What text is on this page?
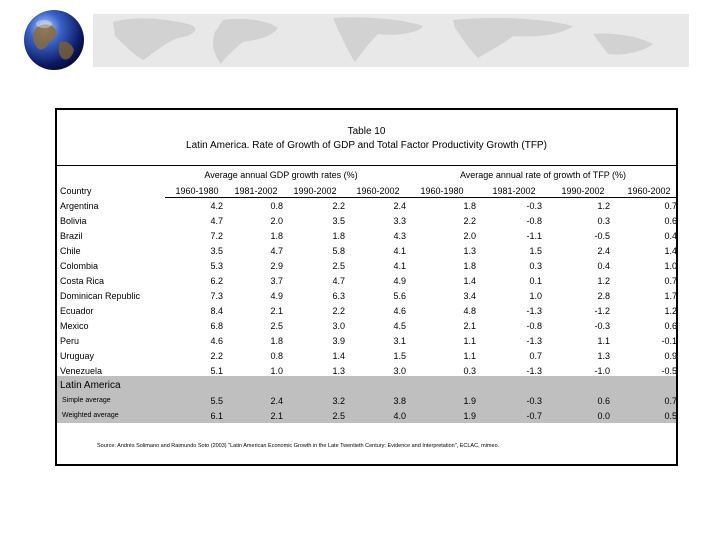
Table 10
Latin America. Rate of Growth of GDP and Total Factor Productivity Growth (TFP)
Average annual GDP growth rates (%)	Average annual rate of growth of TFP (%)
Country	1960-1980	1981-2002	1990-2002	1960-2002	1960-1980	1981-2002	1990-2002	1960-2002
Argentina	4.2	0.8	2.2	2.4	1.8	-0.3	1.2	0.7
Bolivia	4.7	2.0	3.5	3.3	2.2	-0.8	0.3	0.6
Brazil	7.2	1.8	1.8	4.3	2.0	-1.1	-0.5	0.4
Chile	3.5	4.7	5.8	4.1	1.3	1.5	2.4	1.4
Colombia	5.3	2.9	2.5	4.1	1.8	0.3	0.4	1.0
Costa Rica	6.2	3.7	4.7	4.9	1.4	0.1	1.2	0.7
Dominican Republic	7.3	4.9	6.3	5.6	3.4	1.0	2.8	1.7
Ecuador	8.4	2.1	2.2	4.6	4.8	-1.3	-1.2	1.2
Mexico	6.8	2.5	3.0	4.5	2.1	-0.8	-0.3	0.6
Peru	4.6	1.8	3.9	3.1	1.1	-1.3	1.1	-0.1
Uruguay	2.2	0.8	1.4	1.5	1.1	0.7	1.3	0.9
Venezuela	5.1	1.0	1.3	3.0	0.3	-1.3	-1.0	-0.5
Latin America
Simple average	5.5	2.4	3.2	3.8	1.9	-0.3	0.6	0.7
Weighted average	6.1	2.1	2.5	4.0	1.9	-0.7	0.0	0.5
Source: Andrés Solimano and Raimundo Soto (2003) "Latin American Economic Growth in the Late Twentieth Century: Evidence and Interpretation", ECLAC, mimeo.
